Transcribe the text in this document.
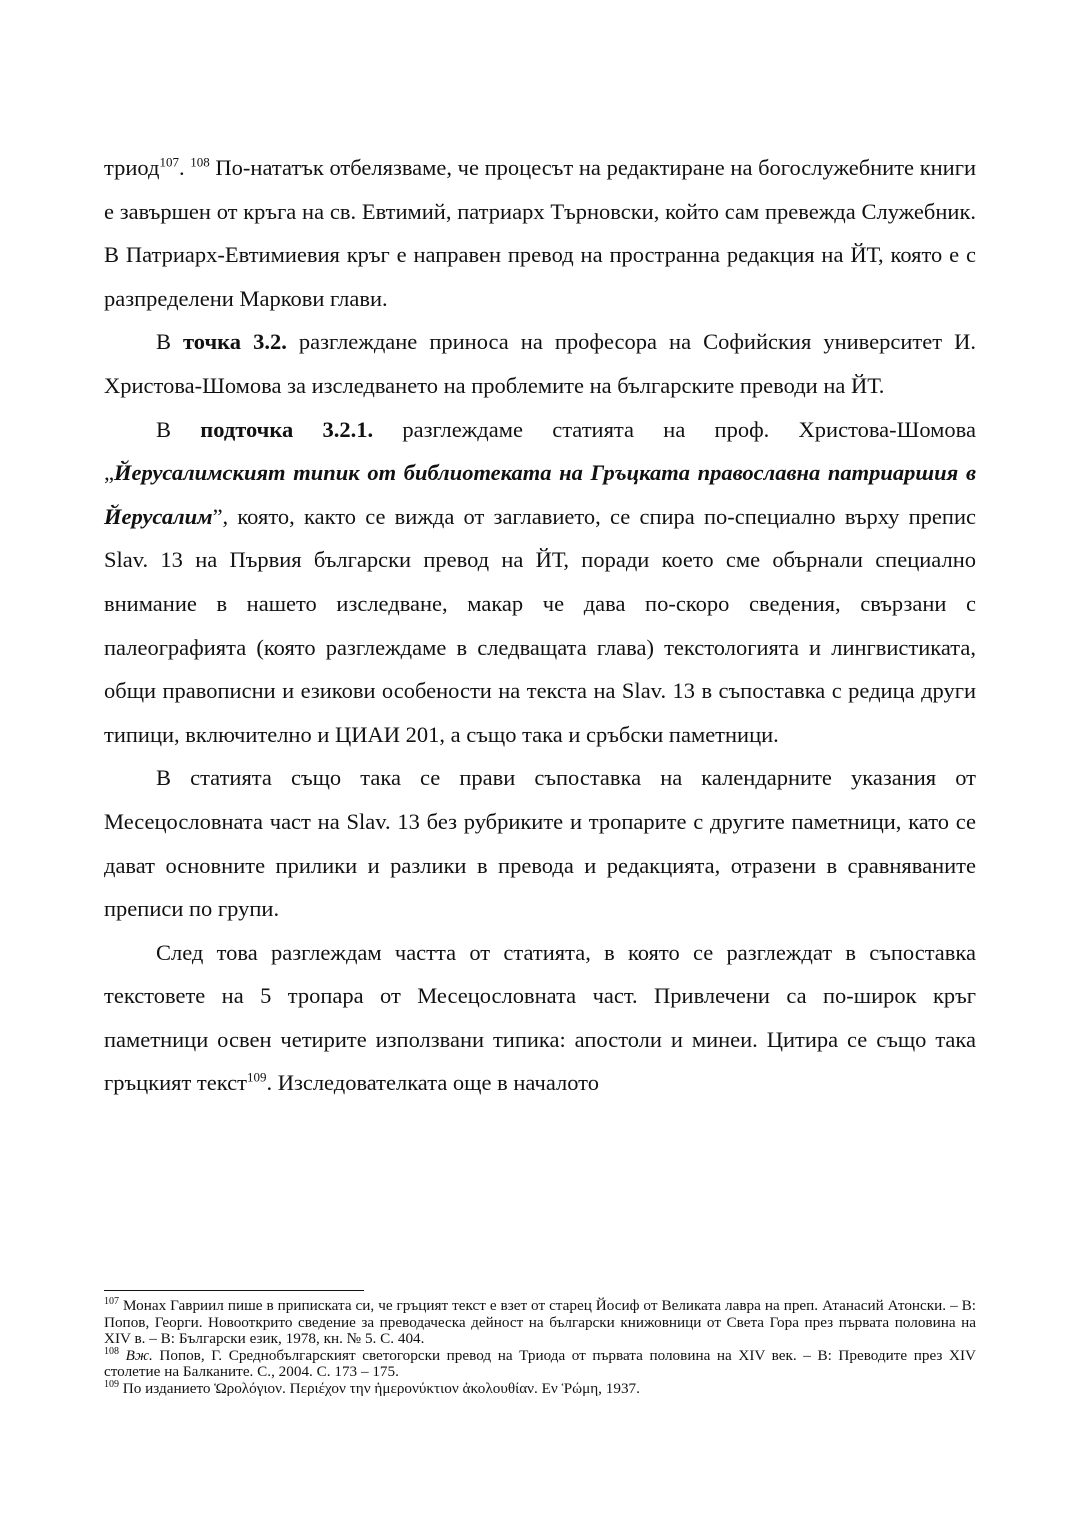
триод$^{107}$. $^{108}$ По-нататък отбелязваме, че процесът на редактиране на богослужебните книги е завършен от кръга на св. Евтимий, патриарх Търновски, който сам превежда Служебник. В Патриарх-Евтимиевия кръг е направен превод на пространна редакция на ЙТ, която е с разпределени Маркови глави.

В точка 3.2. разглеждане приноса на професора на Софийския университет И. Христова-Шомова за изследването на проблемите на българските преводи на ЙТ.

В подточка 3.2.1. разглеждаме статията на проф. Христова-Шомова „Йерусалимският типик от библиотеката на Гръцката православна патриаршия в Йерусалим”, която, както се вижда от заглавието, се спира по-специално върху препис Slav. 13 на Първия български превод на ЙТ, поради което сме обърнали специално внимание в нашето изследване, макар че дава по-скоро сведения, свързани с палеографията (която разглеждаме в следващата глава) текстологията и лингвистиката, общи правописни и езикови особености на текста на Slav. 13 в съпоставка с редица други типици, включително и ЦИАИ 201, а също така и сръбски паметници.

В статията също така се прави съпоставка на календарните указания от Месецословната част на Slav. 13 без рубриките и тропарите с другите паметници, като се дават основните прилики и разлики в превода и редакцията, отразени в сравняваните преписи по групи.

След това разглеждам частта от статията, в която се разглеждат в съпоставка текстовете на 5 тропара от Месецословната част. Привлечени са по-широк кръг паметници освен четирите използвани типика: апостоли и минеи. Цитира се също така гръцкият текст$^{109}$. Изследователката още в началото

$^{107}$ Монах Гавриил пише в приписката си, че гръцият текст е взет от старец Йосиф от Великата лавра на преп. Атанасий Атонски. – В: Попов, Георги. Новооткрито сведение за преводаческа дейност на български книжовници от Света Гора през първата половина на XIV в. – В: Български език, 1978, кн. № 5. С. 404.

$^{108}$ Вж. Попов, Г. Среднобългарският светогорски превод на Триода от първата половина на XIV век. – В: Преводите през XIV столетие на Балканите. С., 2004. С. 173 – 175.

$^{109}$ По изданието Ὡρολόγιον. Περιέχον την ἡμερονύκτιον ἀκολουθίαν. Εν Ῥώμη, 1937.
